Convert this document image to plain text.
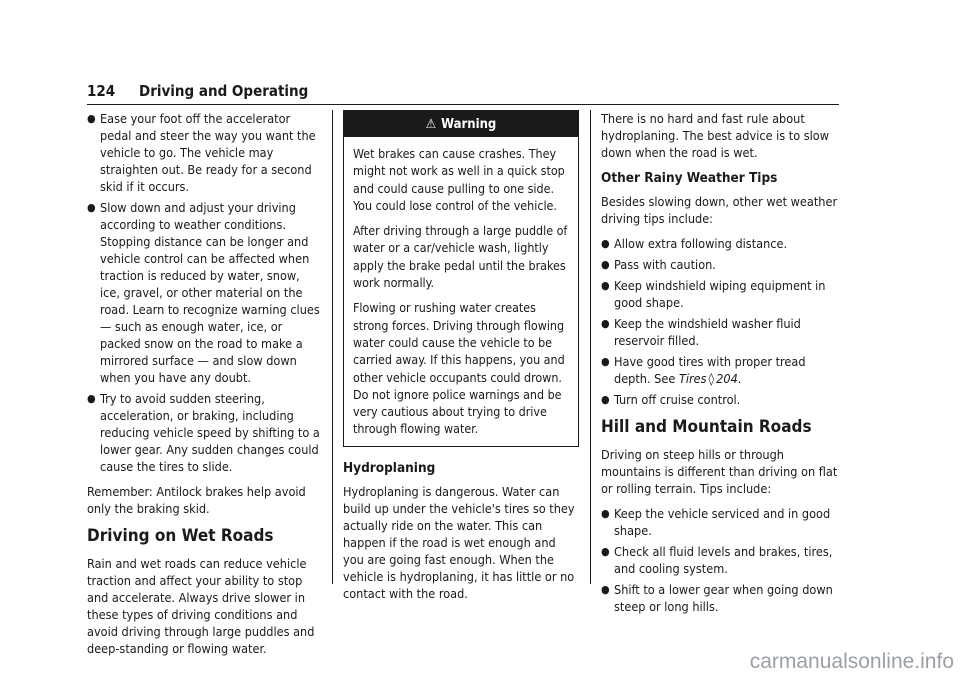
124 Driving and Operating
● Ease your foot off the accelerator pedal and steer the way you want the vehicle to go. The vehicle may straighten out. Be ready for a second skid if it occurs.
● Slow down and adjust your driving according to weather conditions. Stopping distance can be longer and vehicle control can be affected when traction is reduced by water, snow, ice, gravel, or other material on the road. Learn to recognize warning clues — such as enough water, ice, or packed snow on the road to make a mirrored surface — and slow down when you have any doubt.
● Try to avoid sudden steering, acceleration, or braking, including reducing vehicle speed by shifting to a lower gear. Any sudden changes could cause the tires to slide.

Remember: Antilock brakes help avoid only the braking skid.

Driving on Wet Roads

Rain and wet roads can reduce vehicle traction and affect your ability to stop and accelerate. Always drive slower in these types of driving conditions and avoid driving through large puddles and deep-standing or flowing water.

⚠ Warning

Wet brakes can cause crashes. They might not work as well in a quick stop and could cause pulling to one side. You could lose control of the vehicle.

After driving through a large puddle of water or a car/vehicle wash, lightly apply the brake pedal until the brakes work normally.

Flowing or rushing water creates strong forces. Driving through flowing water could cause the vehicle to be carried away. If this happens, you and other vehicle occupants could drown. Do not ignore police warnings and be very cautious about trying to drive through flowing water.

Hydroplaning

Hydroplaning is dangerous. Water can build up under the vehicle's tires so they actually ride on the water. This can happen if the road is wet enough and you are going fast enough. When the vehicle is hydroplaning, it has little or no contact with the road.

There is no hard and fast rule about hydroplaning. The best advice is to slow down when the road is wet.

Other Rainy Weather Tips

Besides slowing down, other wet weather driving tips include:

● Allow extra following distance.
● Pass with caution.
● Keep windshield wiping equipment in good shape.
● Keep the windshield washer fluid reservoir filled.
● Have good tires with proper tread depth. See Tires ◊ 204.
● Turn off cruise control.
Hill and Mountain Roads

Driving on steep hills or through mountains is different than driving on flat or rolling terrain. Tips include:

● Keep the vehicle serviced and in good shape.
● Check all fluid levels and brakes, tires, and cooling system.
● Shift to a lower gear when going down steep or long hills.
carmanualsonline.info
